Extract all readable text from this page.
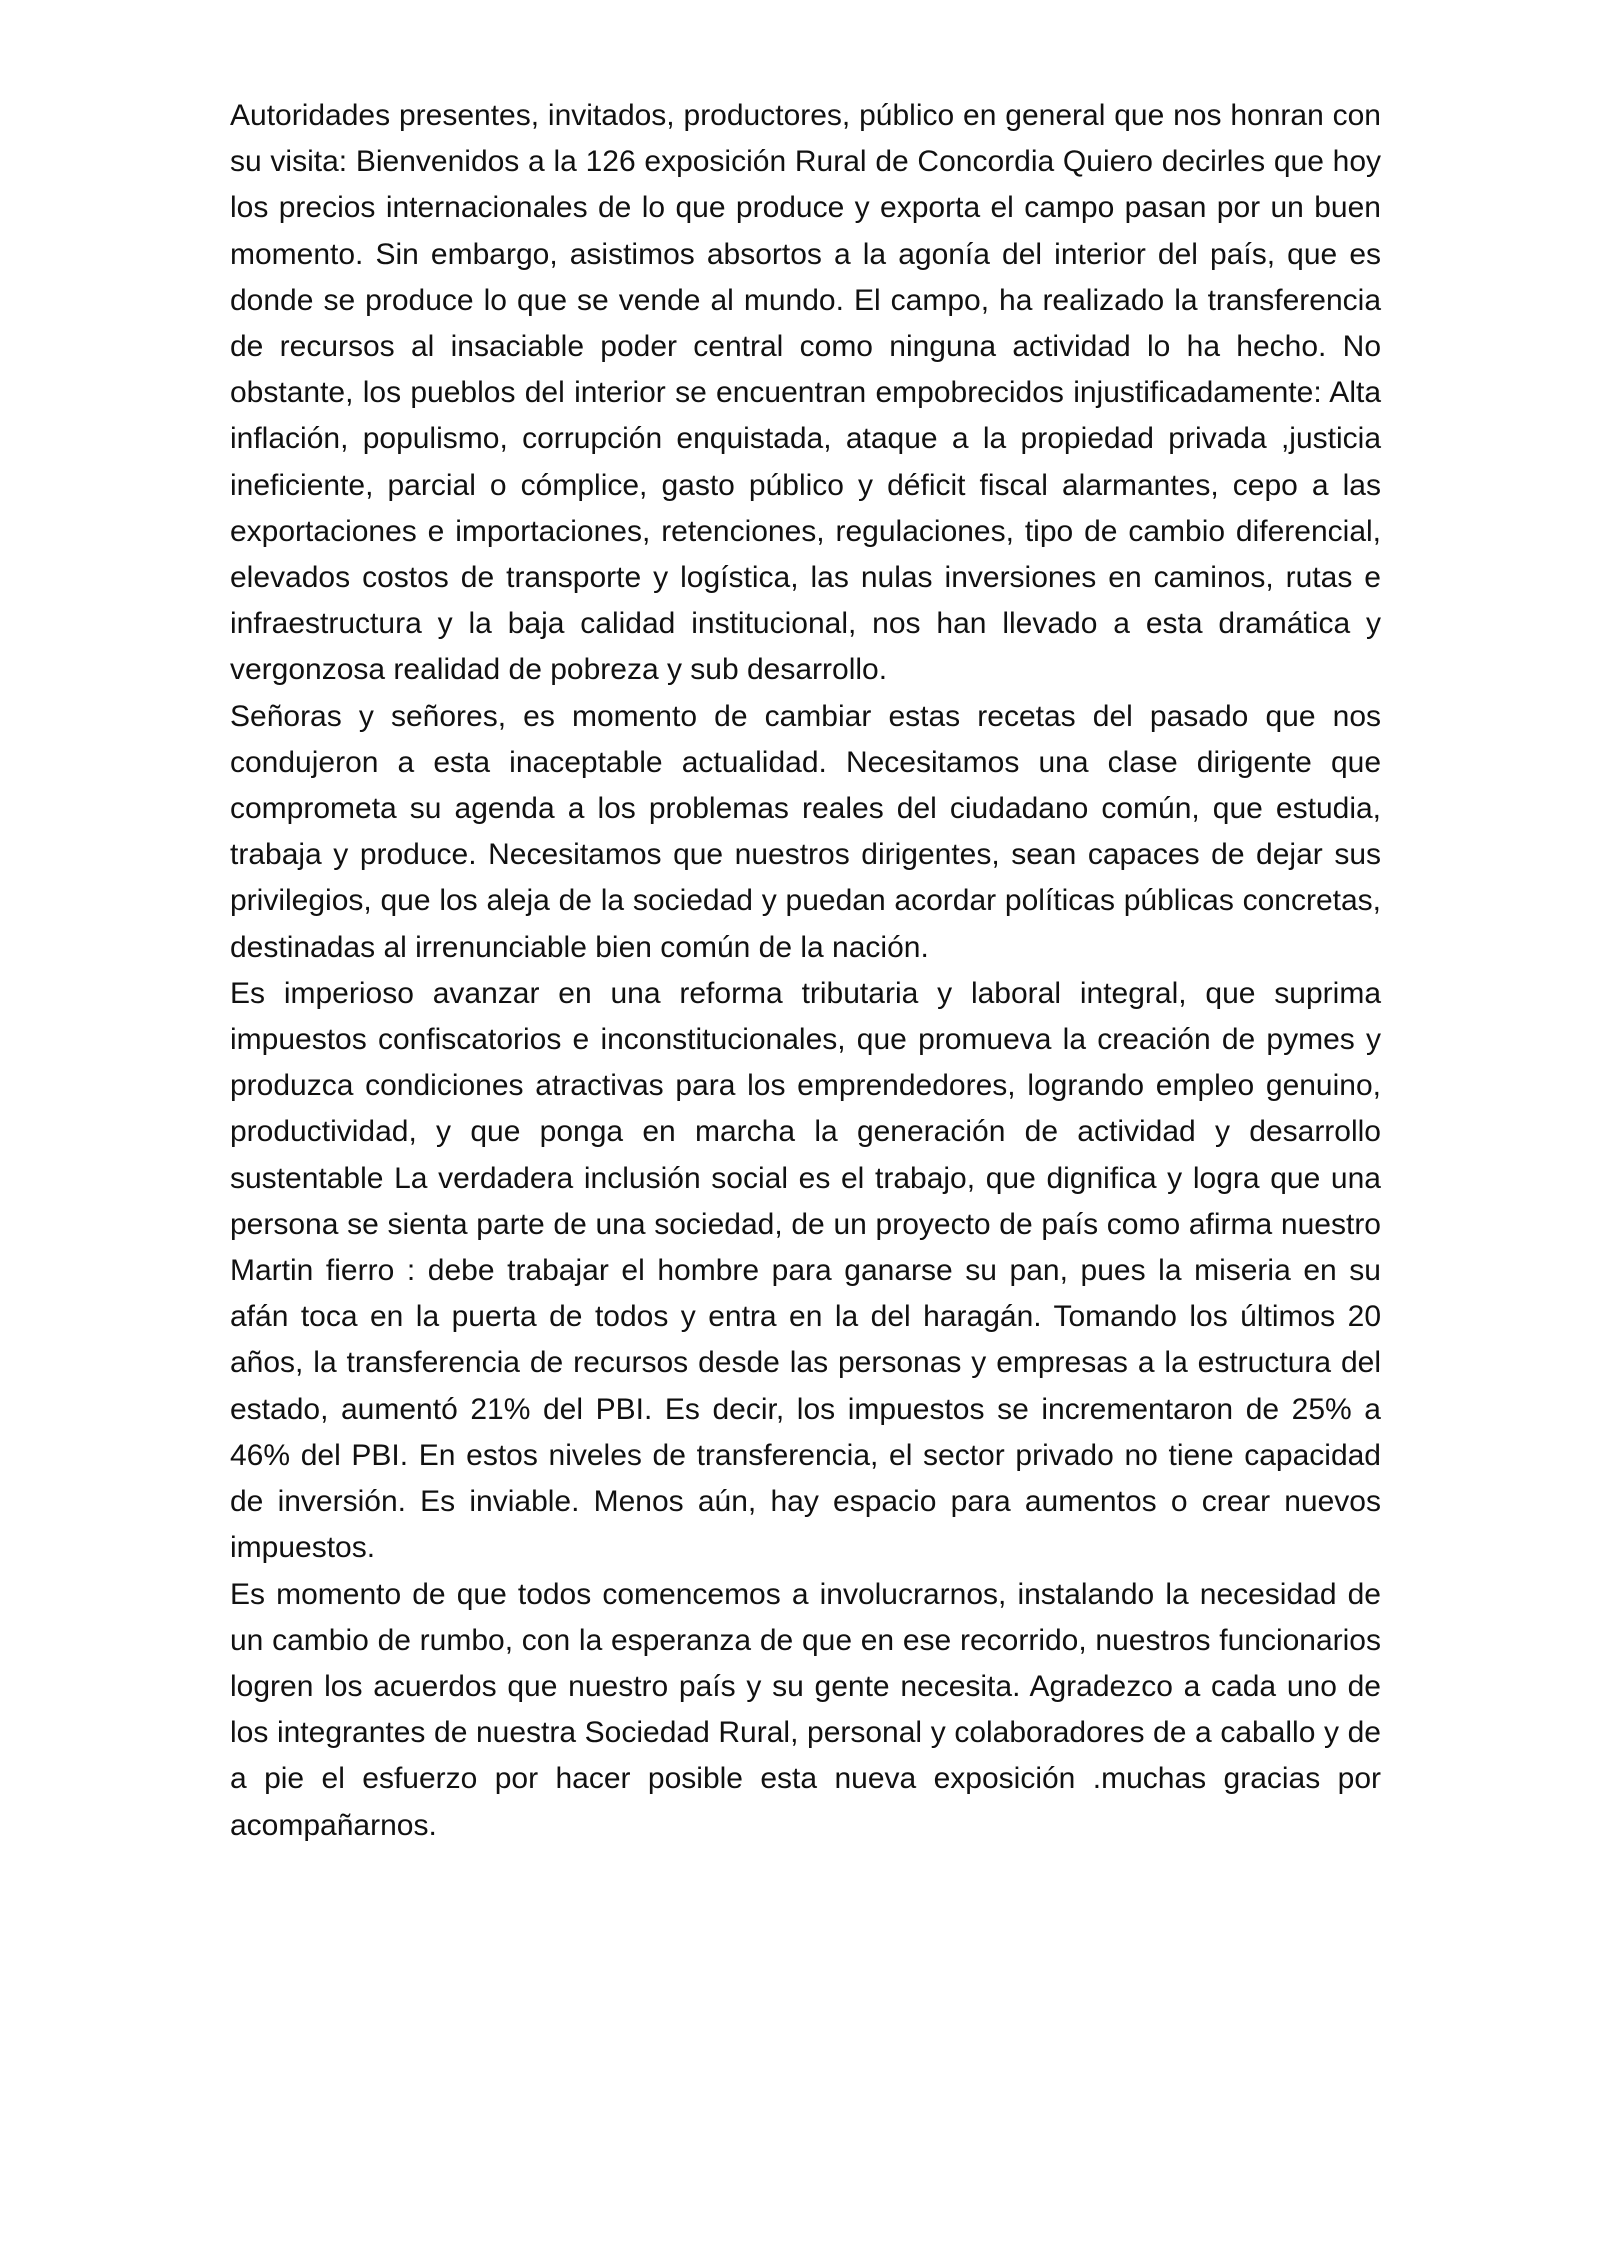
Autoridades presentes, invitados, productores, público en general que nos honran con su visita: Bienvenidos a la 126 exposición Rural de Concordia Quiero decirles que hoy los precios internacionales de lo que produce y exporta el campo pasan por un buen momento. Sin embargo, asistimos absortos a la agonía del interior del país, que es donde se produce lo que se vende al mundo. El campo, ha realizado la transferencia de recursos al insaciable poder central como ninguna actividad lo ha hecho. No obstante, los pueblos del interior se encuentran empobrecidos injustificadamente: Alta inflación, populismo, corrupción enquistada, ataque a la propiedad privada ,justicia ineficiente, parcial o cómplice, gasto público y déficit fiscal alarmantes, cepo a las exportaciones e importaciones, retenciones, regulaciones, tipo de cambio diferencial, elevados costos de transporte y logística, las nulas inversiones en caminos, rutas e infraestructura y la baja calidad institucional, nos han llevado a esta dramática y vergonzosa realidad de pobreza y sub desarrollo.

Señoras y señores, es momento de cambiar estas recetas del pasado que nos condujeron a esta inaceptable actualidad. Necesitamos una clase dirigente que comprometa su agenda a los problemas reales del ciudadano común, que estudia, trabaja y produce. Necesitamos que nuestros dirigentes, sean capaces de dejar sus privilegios, que los aleja de la sociedad y puedan acordar políticas públicas concretas, destinadas al irrenunciable bien común de la nación.

Es imperioso avanzar en una reforma tributaria y laboral integral, que suprima impuestos confiscatorios e inconstitucionales, que promueva la creación de pymes y produzca condiciones atractivas para los emprendedores, logrando empleo genuino, productividad, y que ponga en marcha la generación de actividad y desarrollo sustentable La verdadera inclusión social es el trabajo, que dignifica y logra que una persona se sienta parte de una sociedad, de un proyecto de país como afirma nuestro Martin fierro : debe trabajar el hombre para ganarse su pan, pues la miseria en su afán toca en la puerta de todos y entra en la del haragán. Tomando los últimos 20 años, la transferencia de recursos desde las personas y empresas a la estructura del estado, aumentó 21% del PBI. Es decir, los impuestos se incrementaron de 25% a 46% del PBI. En estos niveles de transferencia, el sector privado no tiene capacidad de inversión. Es inviable. Menos aún, hay espacio para aumentos o crear nuevos impuestos.

Es momento de que todos comencemos a involucrarnos, instalando la necesidad de un cambio de rumbo, con la esperanza de que en ese recorrido, nuestros funcionarios logren los acuerdos que nuestro país y su gente necesita. Agradezco a cada uno de los integrantes de nuestra Sociedad Rural, personal y colaboradores de a caballo y de a pie el esfuerzo por hacer posible esta nueva exposición .muchas gracias por acompañarnos.
